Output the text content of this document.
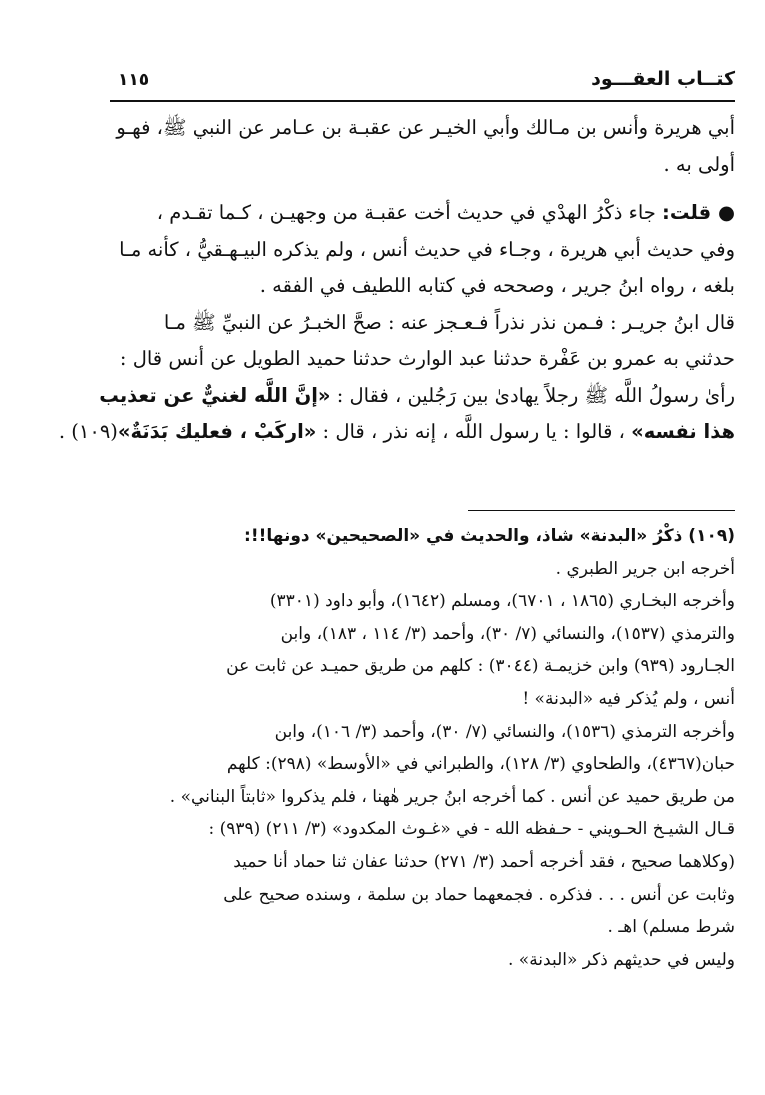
كتــاب العقـــود
١١٥
أبي هريرة وأنس بن مـالك وأبي الخيـر عن عقبـة بن عـامر عن النبي ﷺ، فهـو
أولى به .
● قلت: جاء ذكْرُ الهدْي في حديث أخت عقبـة من وجهيـن ، كـما تقـدم ،
وفي حديث أبي هريرة ، وجـاء في حديث أنس ، ولم يذكره البيـهـقيُّ ، كأنه مـا
بلغه ، رواه ابنُ جرير ، وصححه في كتابه اللطيف في الفقه .
قال ابنُ جريـر : فـمن نذر نذراً فـعـجز عنه : صحَّ الخبـرُ عن النبيِّ ﷺ مـا
حدثني به عمرو بن عَفْرة حدثنا عبد الوارث حدثنا حميد الطويل عن أنس قال :
رأىٰ رسولُ اللَّه ﷺ رجلاً يهادىٰ بين رَجُلين ، فقال : «إنَّ اللَّه لغنيٌّ عن تعذيب
هذا نفسه» ، قالوا : يا رسول اللَّه ، إنه نذر ، قال : «اركَبْ ، فعليك بَدَنَةٌ»(١٠٩) .
(١٠٩) ذكْرُ «البدنة» شاذ، والحديث في «الصحيحين» دونها!!:
أخرجه ابن جرير الطبري .
وأخرجه البخـاري (١٨٦٥ ، ٦٧٠١)، ومسلم (١٦٤٢)، وأبو داود (٣٣٠١)
والترمذي (١٥٣٧)، والنسائي (٧/ ٣٠)، وأحمد (٣/ ١١٤ ، ١٨٣)، وابن
الجـارود (٩٣٩) وابن خزيمـة (٣٠٤٤) : كلهم من طريق حميـد عن ثابت عن
أنس ، ولم يُذكر فيه «البدنة» !
وأخرجه الترمذي (١٥٣٦)، والنسائي (٧/ ٣٠)، وأحمد (٣/ ١٠٦)، وابن
حبان(٤٣٦٧)، والطحاوي (٣/ ١٢٨)، والطبراني في «الأوسط» (٢٩٨): كلهم
من طريق حميد عن أنس . كما أخرجه ابنُ جرير هٰهنا ، فلم يذكروا «ثابتاً البناني» .
قـال الشيـخ الحـويني - حـفظه الله - في «غـوث المكدود» (٣/ ٢١١) (٩٣٩) :
(وكلاهما صحيح ، فقد أخرجه أحمد (٣/ ٢٧١) حدثنا عفان ثنا حماد أنا حميد
وثابت عن أنس . . . فذكره . فجمعهما حماد بن سلمة ، وسنده صحيح على
شرط مسلم) اهـ .
وليس في حديثهم ذكر «البدنة» .
